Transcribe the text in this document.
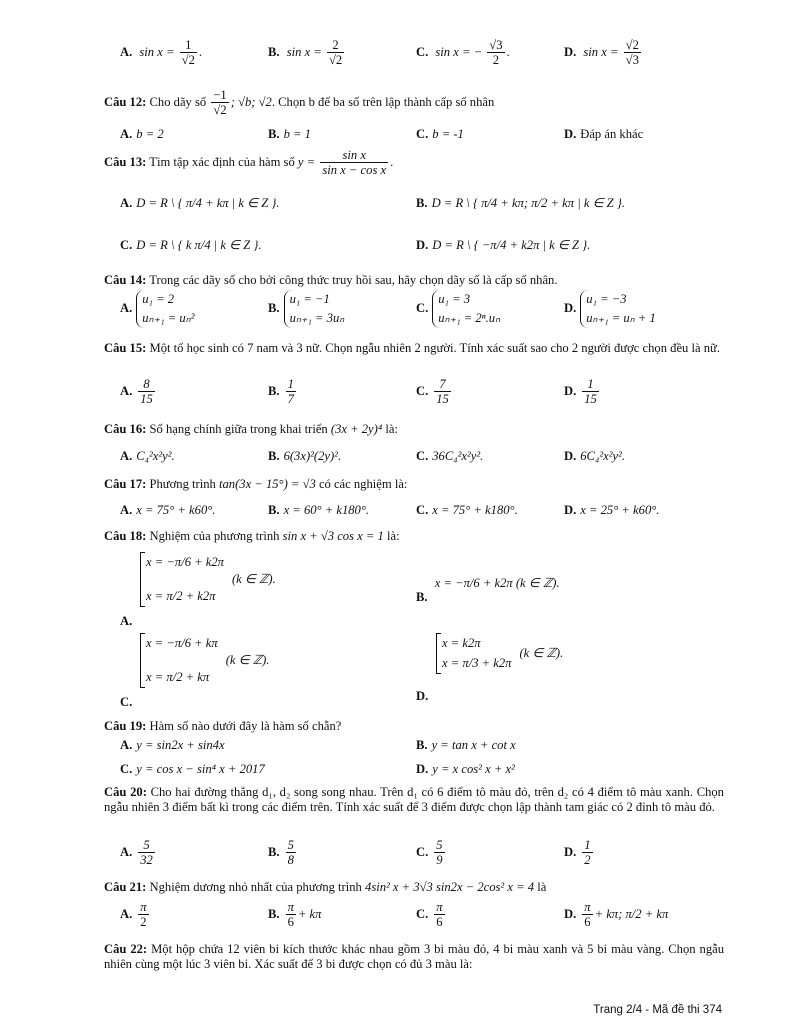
A. $\sin x = \frac{1}{√2}$ .	B. $\sin x = \frac{2}{√2}$	C. sin x = − $\frac{√3}{2}$ .	D. $\sin x = \frac{√2}{√3}$

Câu 12: Cho dãy số $\frac{-1}{√2}$ ; √b; √2. Chọn b để ba số trên lập thành cấp số nhân

A. b = 2	B. b = 1	C. b = -1	D. Đáp án khác

Câu 13: Tìm tập xác định của hàm số $y = \frac{\text{sin x}}{\text{sin x − cos x}}$ .

A. D = R \ { π/4 + kπ | k ∈ Z }.	B. D = R \ { π/4 + kπ; π/2 + kπ | k ∈ Z }.
C. D = R \ { k π/4 | k ∈ Z }.	D. D = R \ { −π/4 + k2π | k ∈ Z }.

Câu 14: Trong các dãy số cho bởi công thức truy hồi sau, hãy chọn dãy số là cấp số nhân.

A.
u₁ = 2
uₙ₊₁ = uₙ²
B.
u₁ = −1
uₙ₊₁ = 3uₙ
C.
u₁ = 3
uₙ₊₁ = 2ⁿ.uₙ
D.
u₁ = −3
uₙ₊₁ = uₙ + 1

Câu 15: Một tổ học sinh có 7 nam và 3 nữ. Chọn ngẫu nhiên 2 người. Tính xác suất sao cho 2 người được chọn đều là nữ.

A. $\frac{8}{15}$	B. $\frac{1}{7}$	C. $\frac{7}{15}$	D. $\frac{1}{15}$

Câu 16: Số hạng chính giữa trong khai triển (3x + 2y)⁴ là:

A. C₄²x²y².	B. 6(3x)²(2y)².	C. 36C₄²x²y².	D. 6C₄²x²y².

Câu 17: Phương trình tan(3x − 15°) = √3 có các nghiệm là:

A. x = 75° + k60°.	B. x = 60° + k180°.	C. x = 75° + k180°.	D. x = 25° + k60°.

Câu 18: Nghiệm của phương trình sin x + √3 cos x = 1 là:

A.
x = −π/6 + k2π
x = π/2 + k2π
(k ∈ ℤ).
B. x = −π/6 + k2π (k ∈ ℤ).
C.
x = −π/6 + kπ
x = π/2 + kπ
(k ∈ ℤ).
D.
x = k2π
x = π/3 + k2π
(k ∈ ℤ).

Câu 19: Hàm số nào dưới đây là hàm số chẵn?

A. y = sin2x + sin4x	B. y = tan x + cot x
C. y = cos x − sin⁴ x + 2017	D. y = x cos² x + x²

Câu 20: Cho hai đường thẳng d₁, d₂ song song nhau. Trên d₁ có 6 điểm tô màu đỏ, trên d₂ có 4 điểm tô màu xanh. Chọn ngẫu nhiên 3 điểm bất kì trong các điểm trên. Tính xác suất để 3 điểm được chọn lập thành tam giác có 2 đỉnh tô màu đỏ.

A. $\frac{5}{32}$	B. $\frac{5}{8}$	C. $\frac{5}{9}$	D. $\frac{1}{2}$

Câu 21: Nghiệm dương nhỏ nhất của phương trình 4sin² x + 3√3 sin2x − 2cos² x = 4 là

A. $\frac{\pi}{2}$	B. $\frac{\pi}{6} + k\pi$	C. $\frac{\pi}{6}$	D. $\frac{\pi}{6} + k\pi$; π/2 + kπ

Câu 22: Một hộp chứa 12 viên bi kích thước khác nhau gồm 3 bi màu đỏ, 4 bi màu xanh và 5 bi màu vàng. Chọn ngẫu nhiên cùng một lúc 3 viên bi. Xác suất để 3 bi được chọn có đủ 3 màu là:

Trang 2/4 - Mã đề thi 374
